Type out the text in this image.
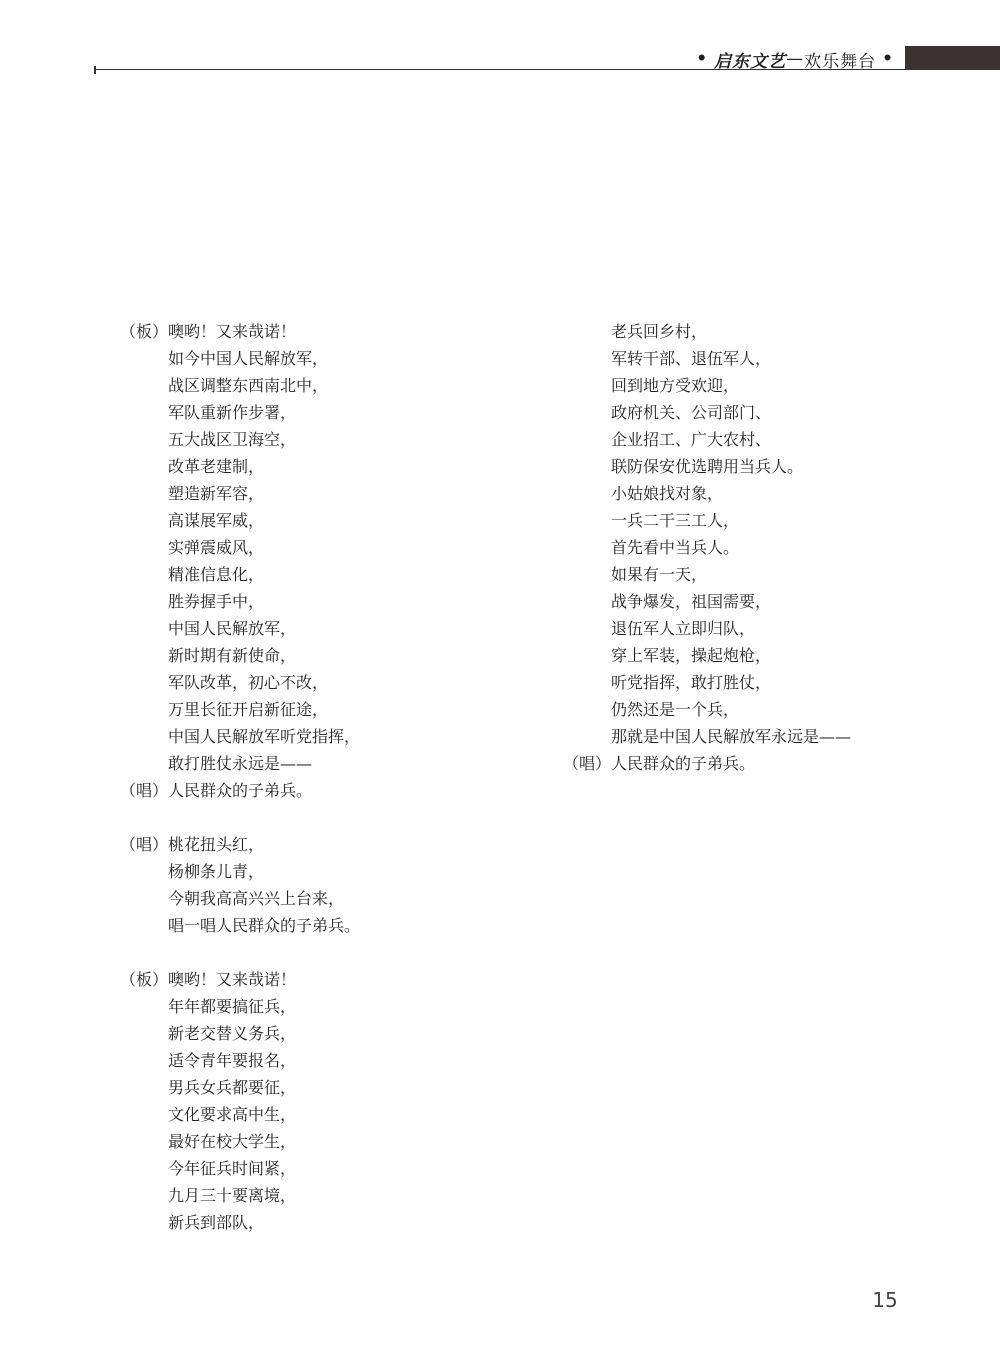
• 启东文艺 — 欢乐舞台 •
（板） 噢哟！又来哉诺！
如今中国人民解放军，
战区调整东西南北中，
军队重新作步署，
五大战区卫海空，
改革老建制，
塑造新军容，
高谋展军威，
实弹震威风，
精准信息化，
胜券握手中，
中国人民解放军，
新时期有新使命，
军队改革，初心不改，
万里长征开启新征途，
中国人民解放军听党指挥，
敢打胜仗永远是——
（唱） 人民群众的子弟兵。
（唱） 桃花扭头红，
杨柳条儿青，
今朝我高高兴兴上台来，
唱一唱人民群众的子弟兵。
（板） 噢哟！又来哉诺！
年年都要搞征兵，
新老交替义务兵，
适令青年要报名，
男兵女兵都要征，
文化要求高中生，
最好在校大学生，
今年征兵时间紧，
九月三十要离境，
新兵到部队，
老兵回乡村，
军转干部、退伍军人，
回到地方受欢迎，
政府机关、公司部门、
企业招工、广大农村、
联防保安优选聘用当兵人。
小姑娘找对象，
一兵二干三工人，
首先看中当兵人。
如果有一天，
战争爆发，祖国需要，
退伍军人立即归队，
穿上军装，操起炮枪，
听党指挥，敢打胜仗，
仍然还是一个兵，
那就是中国人民解放军永远是——
（唱） 人民群众的子弟兵。
15
